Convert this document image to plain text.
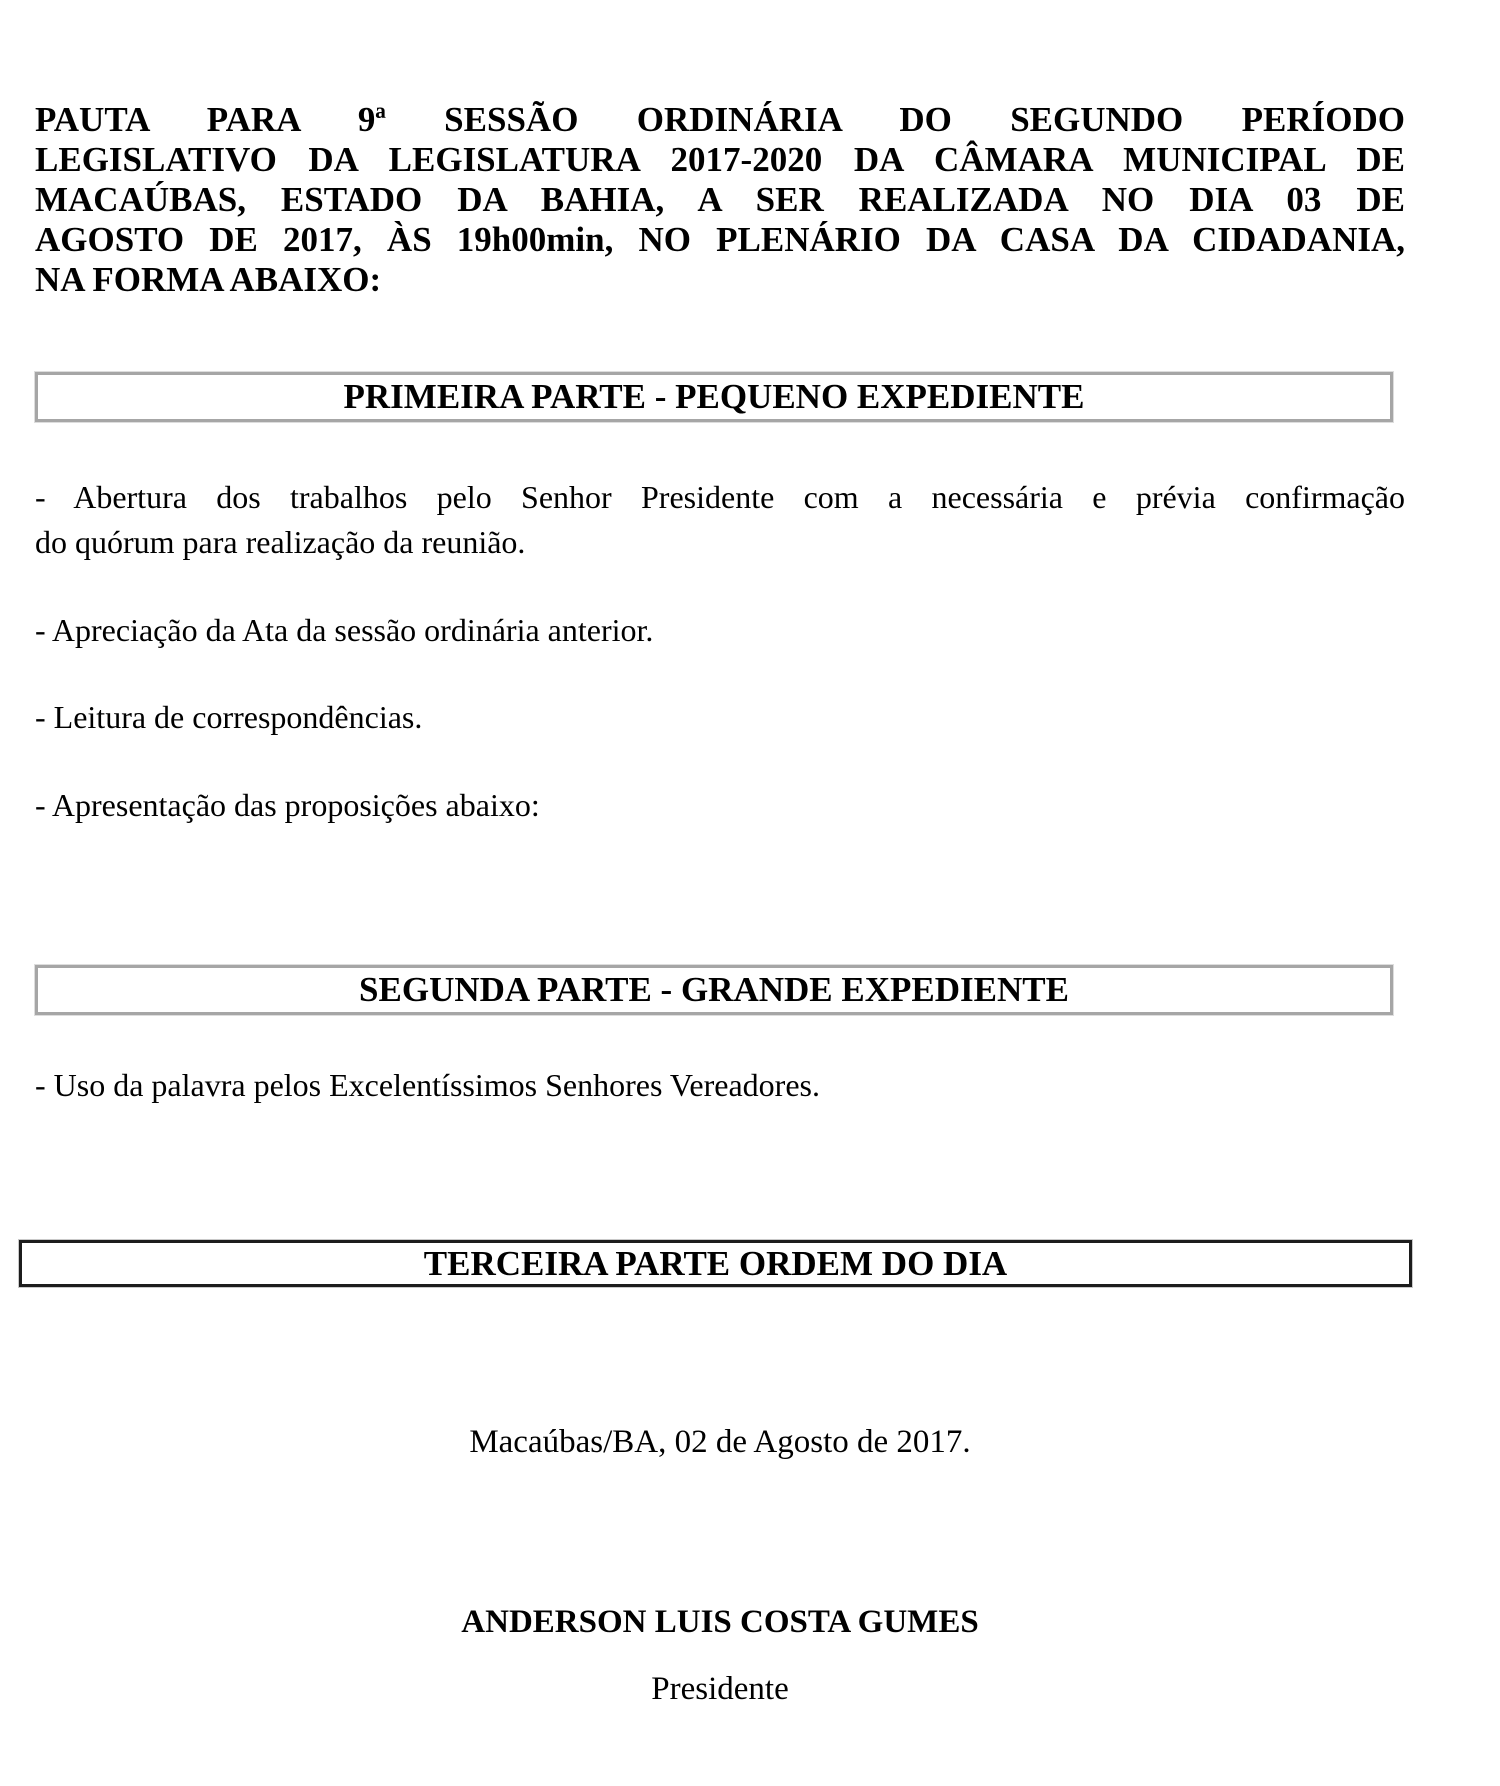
PAUTA PARA 9ª SESSÃO ORDINÁRIA DO SEGUNDO PERÍODO
LEGISLATIVO DA LEGISLATURA 2017-2020 DA CÂMARA MUNICIPAL DE
MACAÚBAS, ESTADO DA BAHIA, A SER REALIZADA NO DIA 03 DE
AGOSTO DE 2017, ÀS 19h00min, NO PLENÁRIO DA CASA DA CIDADANIA,
NA FORMA ABAIXO:
PRIMEIRA PARTE - PEQUENO EXPEDIENTE
- Abertura dos trabalhos pelo Senhor Presidente com a necessária e prévia confirmação
do quórum para realização da reunião.
- Apreciação da Ata da sessão ordinária anterior.
- Leitura de correspondências.
- Apresentação das proposições abaixo:
SEGUNDA PARTE - GRANDE EXPEDIENTE
- Uso da palavra pelos Excelentíssimos Senhores Vereadores.
TERCEIRA PARTE ORDEM DO DIA
Macaúbas/BA, 02 de Agosto de 2017.
ANDERSON LUIS COSTA GUMES
Presidente
